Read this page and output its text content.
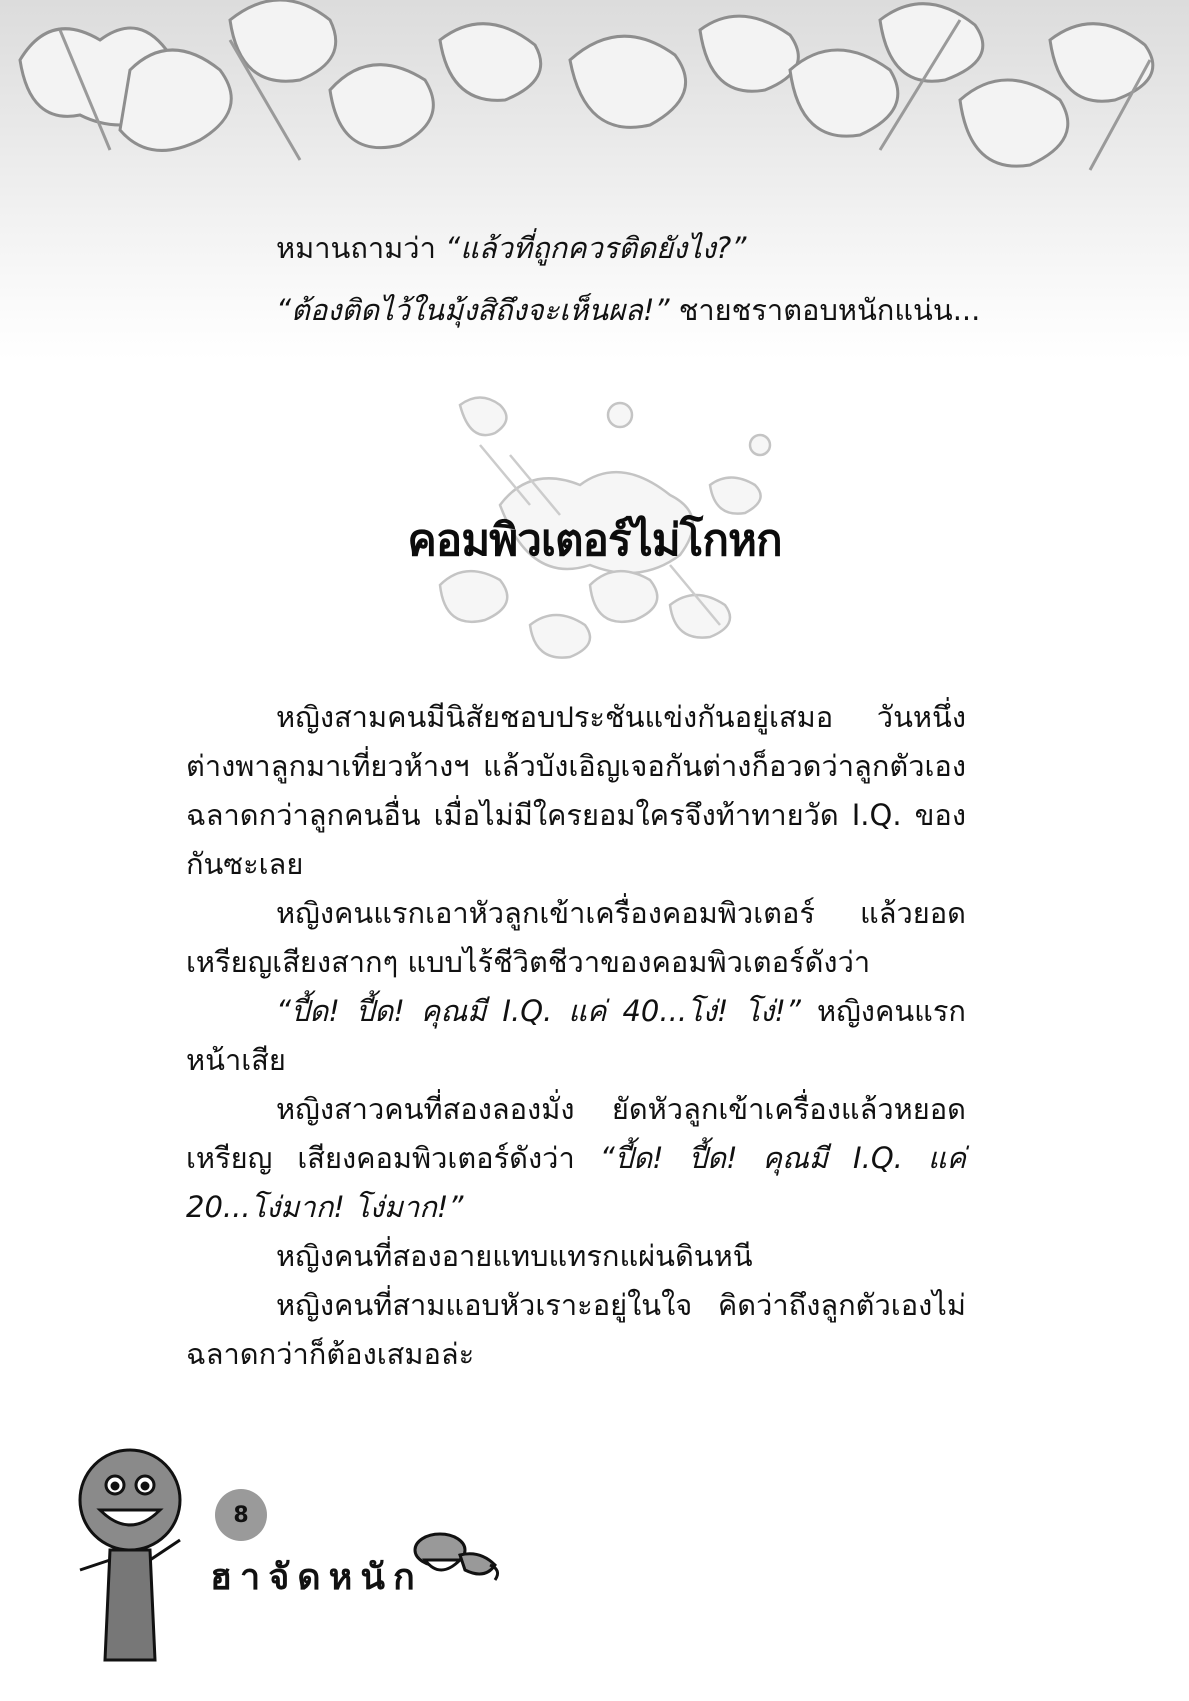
หมานถามว่า “แล้วที่ถูกควรติดยังไง?”
“ต้องติดไว้ในมุ้งสิถึงจะเห็นผล!” ชายชราตอบหนักแน่น...
คอมพิวเตอร์ไม่โกหก

หญิงสามคนมีนิสัยชอบประชันแข่งกันอยู่เสมอ วันหนึ่งต่างพาลูกมาเที่ยวห้างฯ แล้วบังเอิญเจอกันต่างก็อวดว่าลูกตัวเองฉลาดกว่าลูกคนอื่น เมื่อไม่มีใครยอมใครจึงท้าทายวัด I.Q. ของกันซะเลย

หญิงคนแรกเอาหัวลูกเข้าเครื่องคอมพิวเตอร์ แล้วยอดเหรียญเสียงสากๆ แบบไร้ชีวิตชีวาของคอมพิวเตอร์ดังว่า

“ปี้ด! ปี้ด! คุณมี I.Q. แค่ 40...โง่! โง่!” หญิงคนแรกหน้าเสีย

หญิงสาวคนที่สองลองมั่ง ยัดหัวลูกเข้าเครื่องแล้วหยอดเหรียญ เสียงคอมพิวเตอร์ดังว่า “ปี้ด! ปี้ด! คุณมี I.Q. แค่ 20...โง่มาก! โง่มาก!”

หญิงคนที่สองอายแทบแทรกแผ่นดินหนี

หญิงคนที่สามแอบหัวเราะอยู่ในใจ คิดว่าถึงลูกตัวเองไม่ฉลาดกว่าก็ต้องเสมอล่ะ

8
ฮาจัดหนัก
